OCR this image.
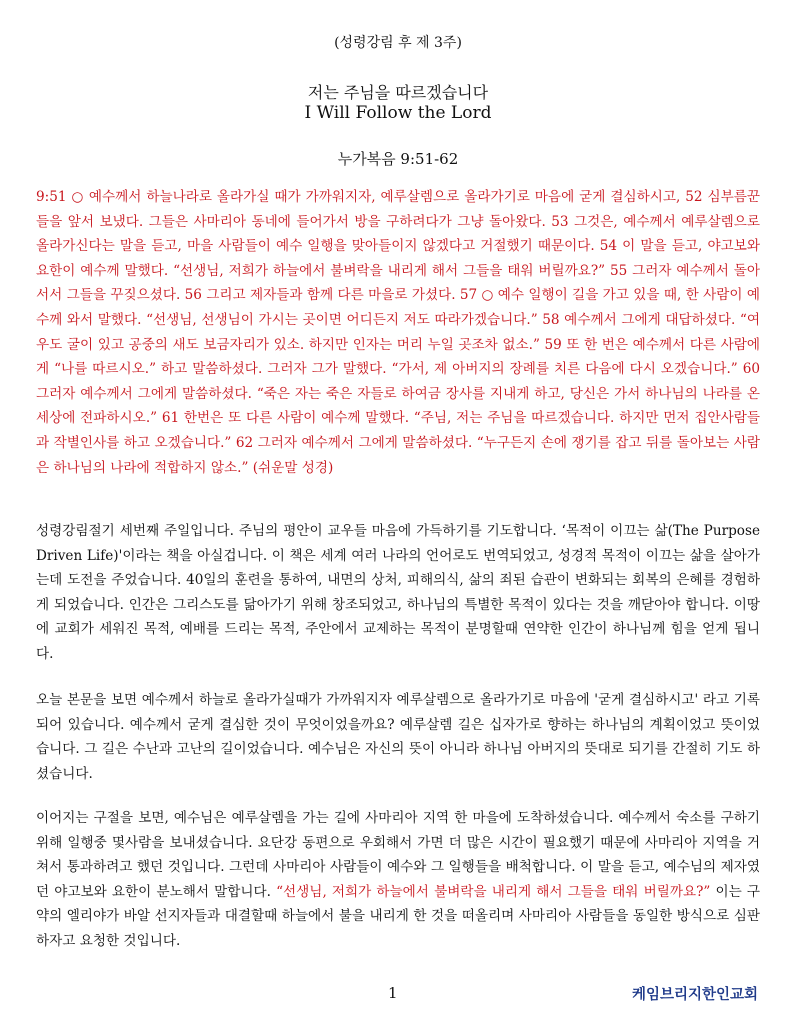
(성령강림 후 제 3주)
저는 주님을 따르겠습니다
I Will Follow the Lord
누가복음 9:51-62

9:51 ○ 예수께서 하늘나라로 올라가실 때가 가까워지자, 예루살렘으로 올라가기로 마음에 굳게 결심하시고, 52 심부름꾼들을 앞서 보냈다. 그들은 사마리아 동네에 들어가서 방을 구하려다가 그냥 돌아왔다. 53 그것은, 예수께서 예루살렘으로 올라가신다는 말을 듣고, 마을 사람들이 예수 일행을 맞아들이지 않겠다고 거절했기 때문이다. 54 이 말을 듣고, 야고보와 요한이 예수께 말했다. “선생님, 저희가 하늘에서 불벼락을 내리게 해서 그들을 태워 버릴까요?” 55 그러자 예수께서 돌아서서 그들을 꾸짖으셨다. 56 그리고 제자들과 함께 다른 마을로 가셨다. 57 ○ 예수 일행이 길을 가고 있을 때, 한 사람이 예수께 와서 말했다. “선생님, 선생님이 가시는 곳이면 어디든지 저도 따라가겠습니다.” 58 예수께서 그에게 대답하셨다. “여우도 굴이 있고 공중의 새도 보금자리가 있소. 하지만 인자는 머리 누일 곳조차 없소.” 59 또 한 번은 예수께서 다른 사람에게 “나를 따르시오.” 하고 말씀하셨다. 그러자 그가 말했다. “가서, 제 아버지의 장례를 치른 다음에 다시 오겠습니다.” 60 그러자 예수께서 그에게 말씀하셨다. “죽은 자는 죽은 자들로 하여금 장사를 지내게 하고, 당신은 가서 하나님의 나라를 온 세상에 전파하시오.” 61 한번은 또 다른 사람이 예수께 말했다. “주님, 저는 주님을 따르겠습니다. 하지만 먼저 집안사람들과 작별인사를 하고 오겠습니다.” 62 그러자 예수께서 그에게 말씀하셨다. “누구든지 손에 쟁기를 잡고 뒤를 돌아보는 사람은 하나님의 나라에 적합하지 않소.” (쉬운말 성경)

성령강림절기 세번째 주일입니다. 주님의 평안이 교우들 마음에 가득하기를 기도합니다. ‘목적이 이끄는 삶(The Purpose Driven Life)'이라는 책을 아실겁니다. 이 책은 세계 여러 나라의 언어로도 번역되었고, 성경적 목적이 이끄는 삶을 살아가는데 도전을 주었습니다. 40일의 훈련을 통하여, 내면의 상처, 피해의식, 삶의 죄된 습관이 변화되는 회복의 은혜를 경험하게 되었습니다. 인간은 그리스도를 닮아가기 위해 창조되었고, 하나님의 특별한 목적이 있다는 것을 깨닫아야 합니다. 이땅에 교회가 세워진 목적, 예배를 드리는 목적, 주안에서 교제하는 목적이 분명할때 연약한 인간이 하나님께 힘을 얻게 됩니다.

오늘 본문을 보면 예수께서 하늘로 올라가실때가 가까워지자 예루살렘으로 올라가기로 마음에 '굳게 결심하시고' 라고 기록되어 있습니다. 예수께서 굳게 결심한 것이 무엇이었을까요? 예루살렘 길은 십자가로 향하는 하나님의 계획이었고 뜻이었습니다. 그 길은 수난과 고난의 길이었습니다. 예수님은 자신의 뜻이 아니라 하나님 아버지의 뜻대로 되기를 간절히 기도 하셨습니다.

이어지는 구절을 보면, 예수님은 예루살렘을 가는 길에 사마리아 지역 한 마을에 도착하셨습니다. 예수께서 숙소를 구하기 위해 일행중 몇사람을 보내셨습니다. 요단강 동편으로 우회해서 가면 더 많은 시간이 필요했기 때문에 사마리아 지역을 거쳐서 통과하려고 했던 것입니다. 그런데 사마리아 사람들이 예수와 그 일행들을 배척합니다. 이 말을 듣고, 예수님의 제자였던 야고보와 요한이 분노해서 말합니다. “선생님, 저희가 하늘에서 불벼락을 내리게 해서 그들을 태워 버릴까요?” 이는 구약의 엘리야가 바알 선지자들과 대결할때 하늘에서 불을 내리게 한 것을 떠올리며 사마리아 사람들을 동일한 방식으로 심판하자고 요청한 것입니다.

1	케임브리지한인교회
